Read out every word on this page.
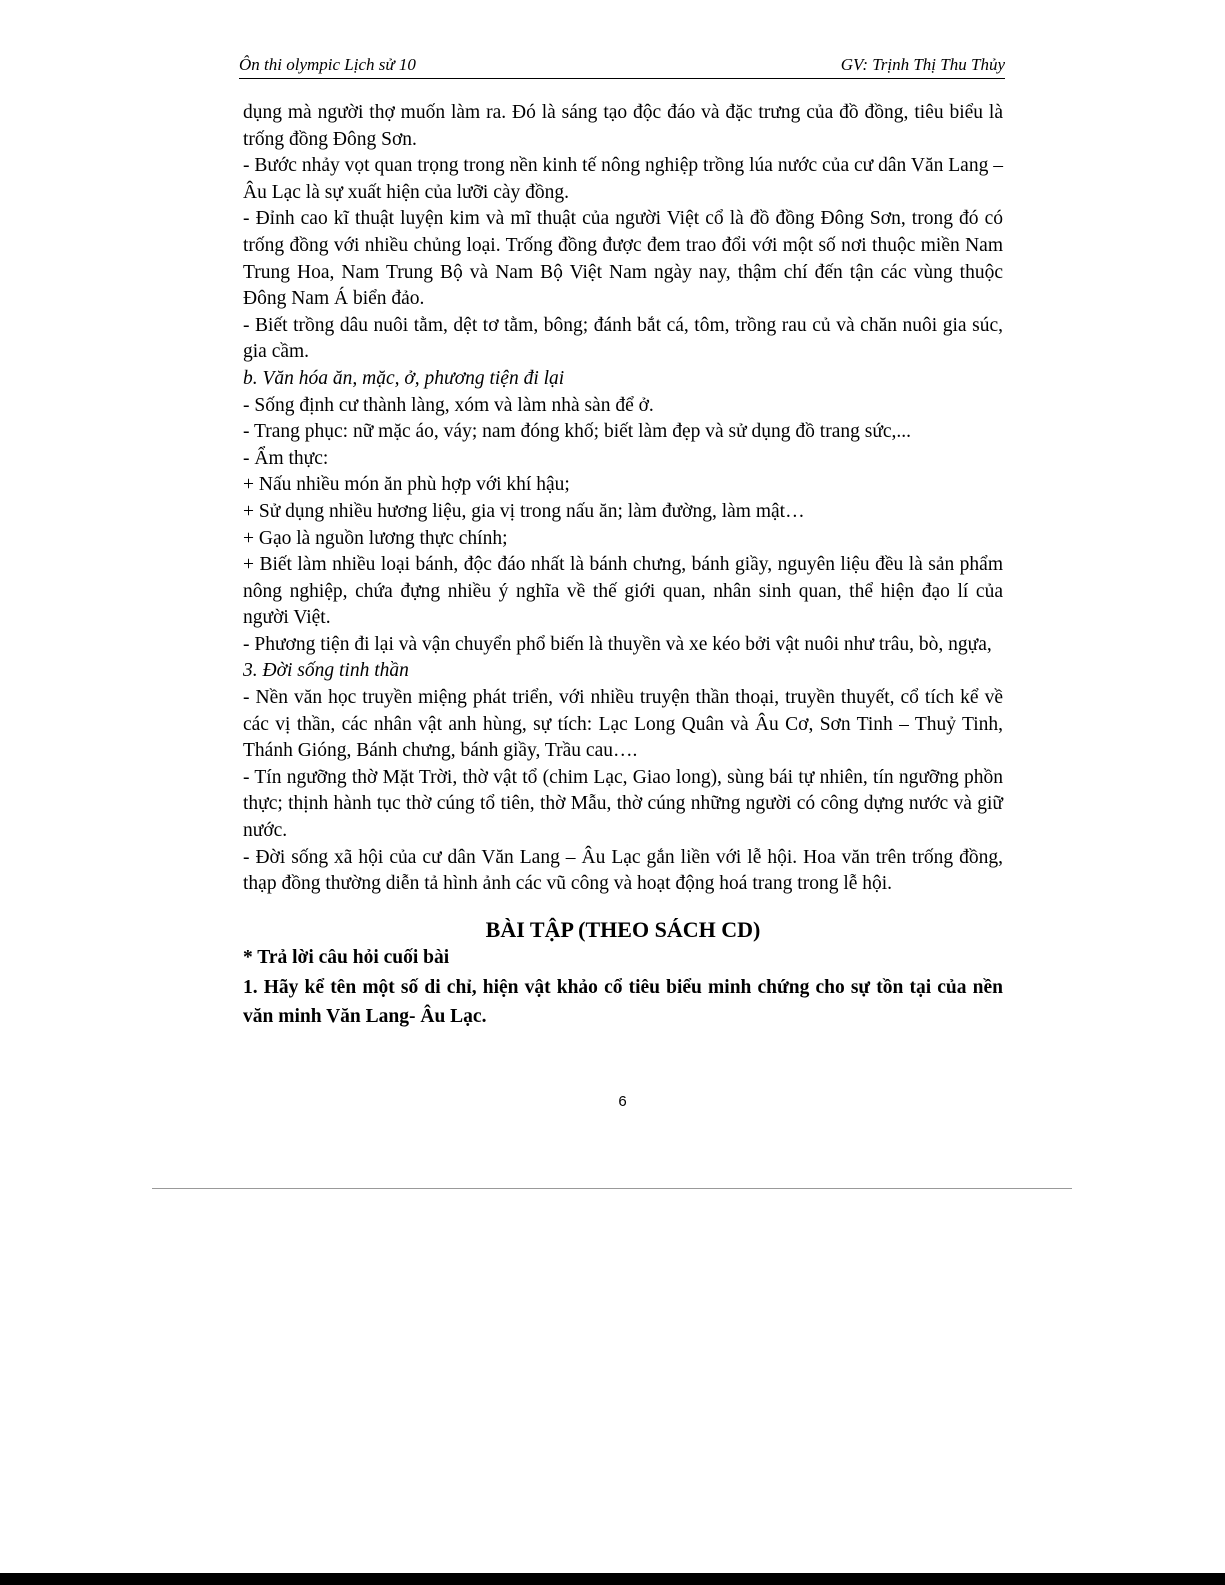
Ôn thi olympic Lịch sử 10	GV: Trịnh Thị Thu Thủy

dụng mà người thợ muốn làm ra. Đó là sáng tạo độc đáo và đặc trưng của đồ đồng, tiêu biểu là trống đồng Đông Sơn.

- Bước nhảy vọt quan trọng trong nền kinh tế nông nghiệp trồng lúa nước của cư dân Văn Lang – Âu Lạc là sự xuất hiện của lưỡi cày đồng.

- Đỉnh cao kĩ thuật luyện kim và mĩ thuật của người Việt cổ là đồ đồng Đông Sơn, trong đó có trống đồng với nhiều chủng loại. Trống đồng được đem trao đổi với một số nơi thuộc miền Nam Trung Hoa, Nam Trung Bộ và Nam Bộ Việt Nam ngày nay, thậm chí đến tận các vùng thuộc Đông Nam Á biển đảo.

- Biết trồng dâu nuôi tằm, dệt tơ tằm, bông; đánh bắt cá, tôm, trồng rau củ và chăn nuôi gia súc, gia cầm.

b. Văn hóa ăn, mặc, ở, phương tiện đi lại

- Sống định cư thành làng, xóm và làm nhà sàn để ở.

- Trang phục: nữ mặc áo, váy; nam đóng khố; biết làm đẹp và sử dụng đồ trang sức,...

- Ẩm thực:

+ Nấu nhiều món ăn phù hợp với khí hậu;

+ Sử dụng nhiều hương liệu, gia vị trong nấu ăn; làm đường, làm mật…

+ Gạo là nguồn lương thực chính;

+ Biết làm nhiều loại bánh, độc đáo nhất là bánh chưng, bánh giầy, nguyên liệu đều là sản phẩm nông nghiệp, chứa đựng nhiều ý nghĩa về thế giới quan, nhân sinh quan, thể hiện đạo lí của người Việt.

- Phương tiện đi lại và vận chuyển phổ biến là thuyền và xe kéo bởi vật nuôi như trâu, bò, ngựa,

3. Đời sống tinh thần

- Nền văn học truyền miệng phát triển, với nhiều truyện thần thoại, truyền thuyết, cổ tích kể về các vị thần, các nhân vật anh hùng, sự tích: Lạc Long Quân và Âu Cơ, Sơn Tinh – Thuỷ Tinh, Thánh Gióng, Bánh chưng, bánh giầy, Trầu cau….

- Tín ngưỡng thờ Mặt Trời, thờ vật tổ (chim Lạc, Giao long), sùng bái tự nhiên, tín ngưỡng phồn thực; thịnh hành tục thờ cúng tổ tiên, thờ Mẫu, thờ cúng những người có công dựng nước và giữ nước.

- Đời sống xã hội của cư dân Văn Lang – Âu Lạc gắn liền với lễ hội. Hoa văn trên trống đồng, thạp đồng thường diễn tả hình ảnh các vũ công và hoạt động hoá trang trong lễ hội.

BÀI TẬP (THEO SÁCH CD)

* Trả lời câu hỏi cuối bài

1. Hãy kể tên một số di chỉ, hiện vật khảo cổ tiêu biểu minh chứng cho sự tồn tại của nền văn minh Văn Lang- Âu Lạc.

6
